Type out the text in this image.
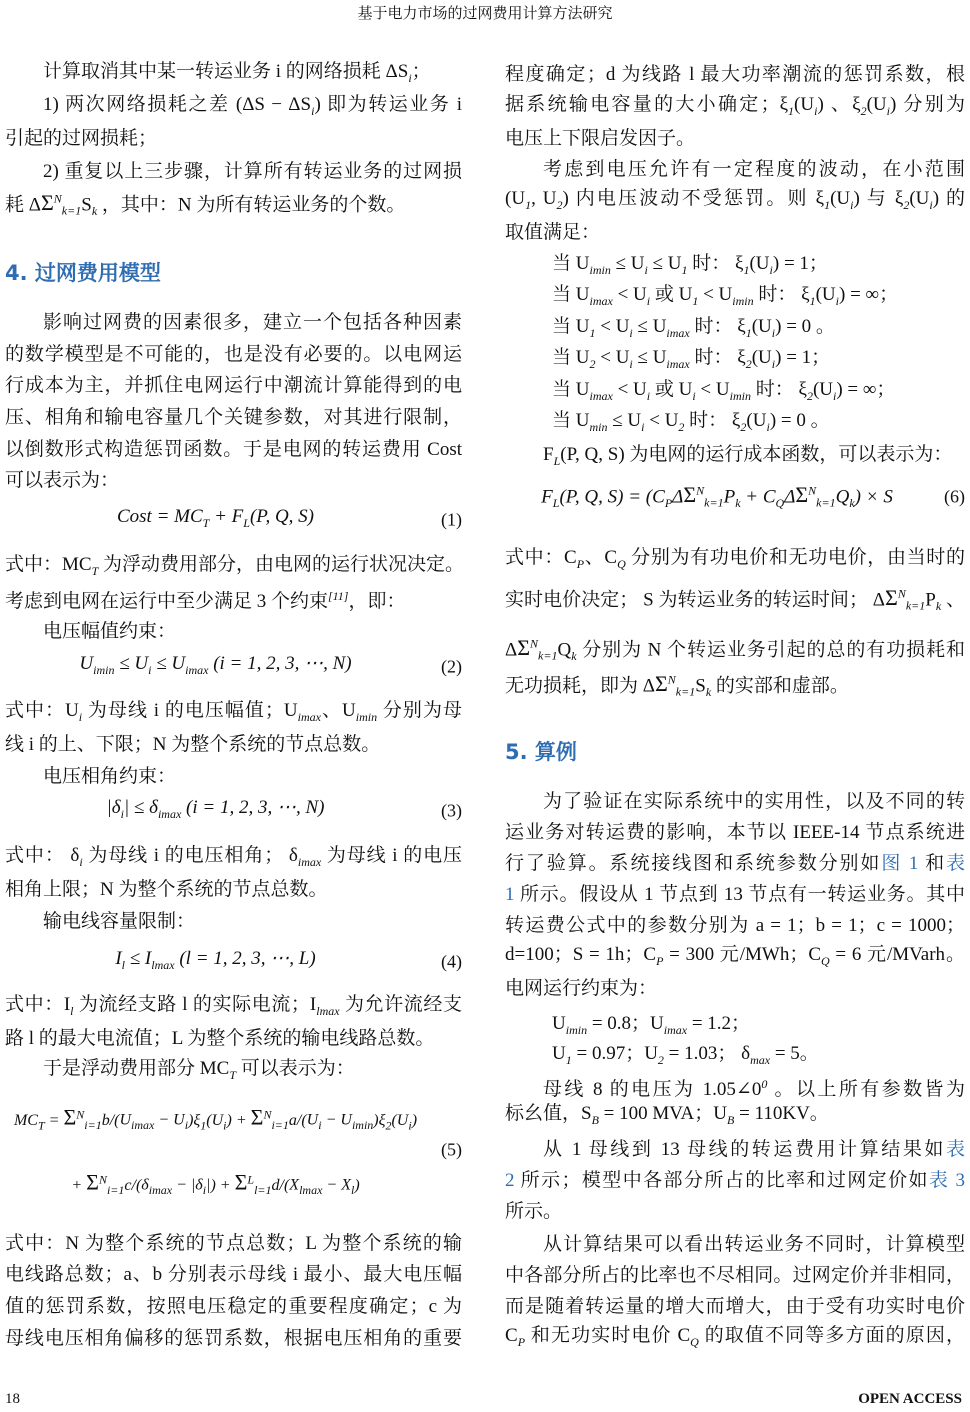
基于电力市场的过网费用计算方法研究
计算取消其中某一转运业务 i 的网络损耗 $\Delta S_i$；
1) 两次网络损耗之差 $(\Delta S - \Delta S_i)$ 即为转运业务 i
引起的过网损耗；
2) 重复以上三步骤，计算所有转运业务的过网损
耗 $\Delta\Sigma^N_{k=1}S_k$ ，其中：N 为所有转运业务的个数。
4. 过网费用模型
影响过网费的因素很多，建立一个包括各种因素
的数学模型是不可能的，也是没有必要的。以电网运
行成本为主，并抓住电网运行中潮流计算能得到的电
压、相角和输电容量几个关键参数，对其进行限制，
以倒数形式构造惩罚函数。于是电网的转运费用 Cost
可以表示为：
Cost = $MC_T + F_L(P$, Q, S)	(1)
式中：$MC_T$ 为浮动费用部分，由电网的运行状况决定。
考虑到电网在运行中至少满足 3 个约束[11]，即：
电压幅值约束：
$U_{imin} \le U_i \le U_{imax}$ (i = 1, 2, 3, ⋯, N)	(2)
式中：$U_i$ 为母线 i 的电压幅值；$U_{imax}$、$U_{imin}$ 分别为母
线 i 的上、下限；N 为整个系统的节点总数。
电压相角约束：
$|\delta_i| \le \delta_{imax}$ (i = 1, 2, 3, ⋯, N)	(3)
式中： $\delta_i$ 为母线 i 的电压相角； $\delta_{imax}$ 为母线 i 的电压
相角上限；N 为整个系统的节点总数。
输电线容量限制：
$I_l \le I_{lmax}$ (l = 1, 2, 3, ⋯, L)	(4)
式中：$I_l$ 为流经支路 l 的实际电流；$I_{lmax}$ 为允许流经支
路 l 的最大电流值；L 为整个系统的输电线路总数。
于是浮动费用部分 $MC_T$ 可以表示为：
$MC_T = \Sigma^N_{i=1}b/(U_{imax} - U_i)\xi_1(U_i) + \Sigma^N_{i=1}a/(U_i - U_{imin})\xi_2(U_i)$
+ $\Sigma^N_{i=1}c/(\delta_{imax} - |\delta_i|) + \Sigma^L_{l=1}d/(X_{lmax} - X_l)$
(5)
式中：N 为整个系统的节点总数；L 为整个系统的输
电线路总数；a、b 分别表示母线 i 最小、最大电压幅
值的惩罚系数，按照电压稳定的重要程度确定；c 为
母线电压相角偏移的惩罚系数，根据电压相角的重要
程度确定；d 为线路 l 最大功率潮流的惩罚系数，根
据系统输电容量的大小确定；$\xi_1(U_i)$ 、$\xi_2(U_i)$ 分别为
电压上下限启发因子。
考虑到电压允许有一定程度的波动，在小范围
($U_1$, $U_2$) 内电压波动不受惩罚。则 $\xi_1(U_i)$ 与 $\xi_2(U_i)$ 的
取值满足：
当 $U_{imin} \le U_i \le U_1$ 时： $\xi_1(U_i) = 1$；
当 $U_{imax} < U_i$ 或 $U_1 < U_{imin}$ 时： $\xi_1(U_i)$ = ∞；
当 $U_1 < U_i \le U_{imax}$ 时： $\xi_1(U_i) = 0$ 。
当 $U_2 < U_i \le U_{imax}$ 时： $\xi_2(U_i) = 1$；
当 $U_{imax} < U_i$ 或 $U_i < U_{imin}$ 时： $\xi_2(U_i)$ = ∞；
当 $U_{min} \le U_i < U_2$ 时： $\xi_2(U_i) = 0$ 。
$F_L(P$, Q, S) 为电网的运行成本函数，可以表示为：
$F_L(P$, Q, $S) = (C_P\Delta\Sigma^N_{k=1}P_k + C_Q\Delta\Sigma^N_{k=1}Q_k) \times S$	(6)
式中：$C_P$、$C_Q$ 分别为有功电价和无功电价，由当时的
实时电价决定； S 为转运业务的转运时间； $\Delta\Sigma^N_{k=1}P_k$ 、
$\Delta\Sigma^N_{k=1}Q_k$ 分别为 N 个转运业务引起的总的有功损耗和
无功损耗，即为 $\Delta\Sigma^N_{k=1}S_k$ 的实部和虚部。
5. 算例
为了验证在实际系统中的实用性，以及不同的转
运业务对转运费的影响，本节以 IEEE-14 节点系统进
行了验算。系统接线图和系统参数分别如图 1 和表
1 所示。假设从 1 节点到 13 节点有一转运业务。其中
转运费公式中的参数分别为 a = 1；b = 1；c = 1000；
d=100；S = 1h；$C_P = 300$ 元/MWh；$C_Q = 6$ 元/MVarh。
电网运行约束为：
$U_{imin} = 0.8$；$U_{imax} = 1.2$；
$U_1 = 0.97$；$U_2 = 1.03$； $\delta_{max} = 5$。
母线 8 的电压为 $1.05\angle 0^0$ 。以上所有参数皆为
标幺值，$S_B = 100$ MVA；$U_B = 110KV$。
从 1 母线到 13 母线的转运费用计算结果如表
2 所示；模型中各部分所占的比率和过网定价如表 3
所示。
从计算结果可以看出转运业务不同时，计算模型
中各部分所占的比率也不尽相同。过网定价并非相同，
而是随着转运量的增大而增大，由于受有功实时电价
$C_P$ 和无功实时电价 $C_Q$ 的取值不同等多方面的原因，
18	OPEN ACCESS
